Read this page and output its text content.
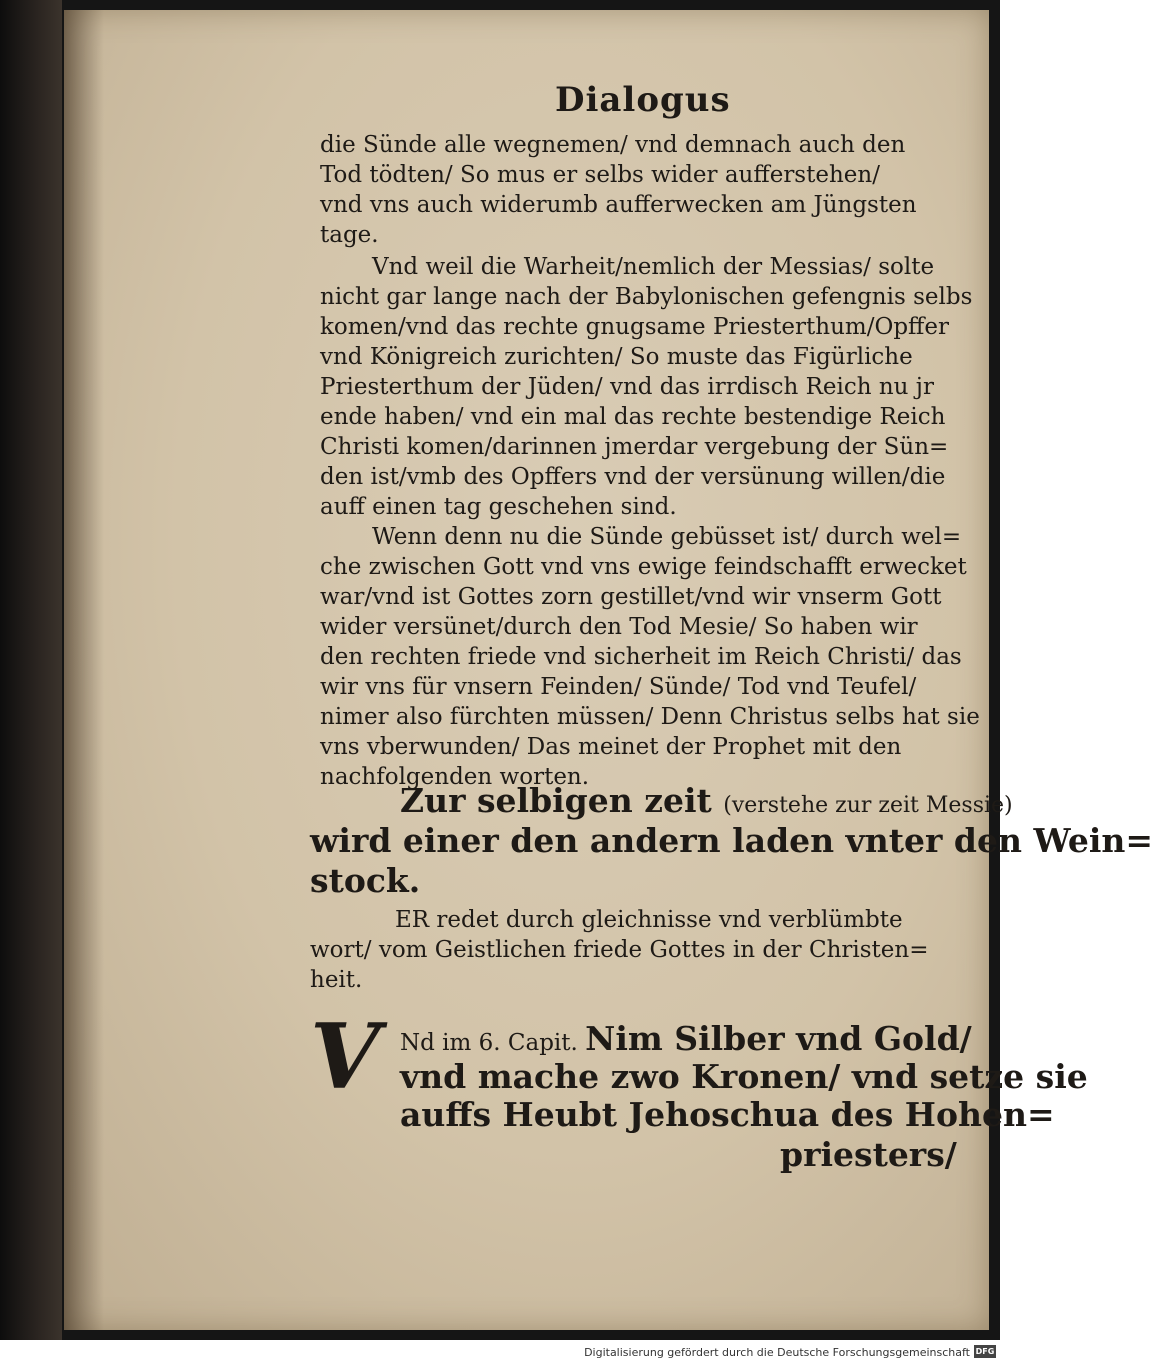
Dialogus
die Sünde alle wegnemen/ vnd demnach auch den
Tod tödten/ So mus er selbs wider aufferstehen/
vnd vns auch widerumb aufferwecken am Jüngsten
tage.
Vnd weil die Warheit/nemlich der Messias/ solte
nicht gar lange nach der Babylonischen gefengnis selbs
komen/vnd das rechte gnugsame Priesterthum/Opffer
vnd Königreich zurichten/ So muste das Figürliche
Priesterthum der Jüden/ vnd das irrdisch Reich nu jr
ende haben/ vnd ein mal das rechte bestendige Reich
Christi komen/darinnen jmerdar vergebung der Sün=
den ist/vmb des Opffers vnd der versünung willen/die
auff einen tag geschehen sind.
Wenn denn nu die Sünde gebüsset ist/ durch wel=
che zwischen Gott vnd vns ewige feindschafft erwecket
war/vnd ist Gottes zorn gestillet/vnd wir vnserm Gott
wider versünet/durch den Tod Mesie/ So haben wir
den rechten friede vnd sicherheit im Reich Christi/ das
wir vns für vnsern Feinden/ Sünde/ Tod vnd Teufel/
nimer also fürchten müssen/ Denn Christus selbs hat sie
vns vberwunden/ Das meinet der Prophet mit den
nachfolgenden worten.
Zur selbigen zeit (verstehe zur zeit Messie)
wird einer den andern laden vnter den Wein=
stock.
ER redet durch gleichnisse vnd verblümbte
wort/ vom Geistlichen friede Gottes in der Christen=
heit.
V Nd im 6. Capit. Nim Silber vnd Gold/
vnd mache zwo Kronen/ vnd setze sie
auffs Heubt Jehoschua des Hohen=
priesters/
Digitalisierung gefördert durch die Deutsche Forschungsgemeinschaft DFG
